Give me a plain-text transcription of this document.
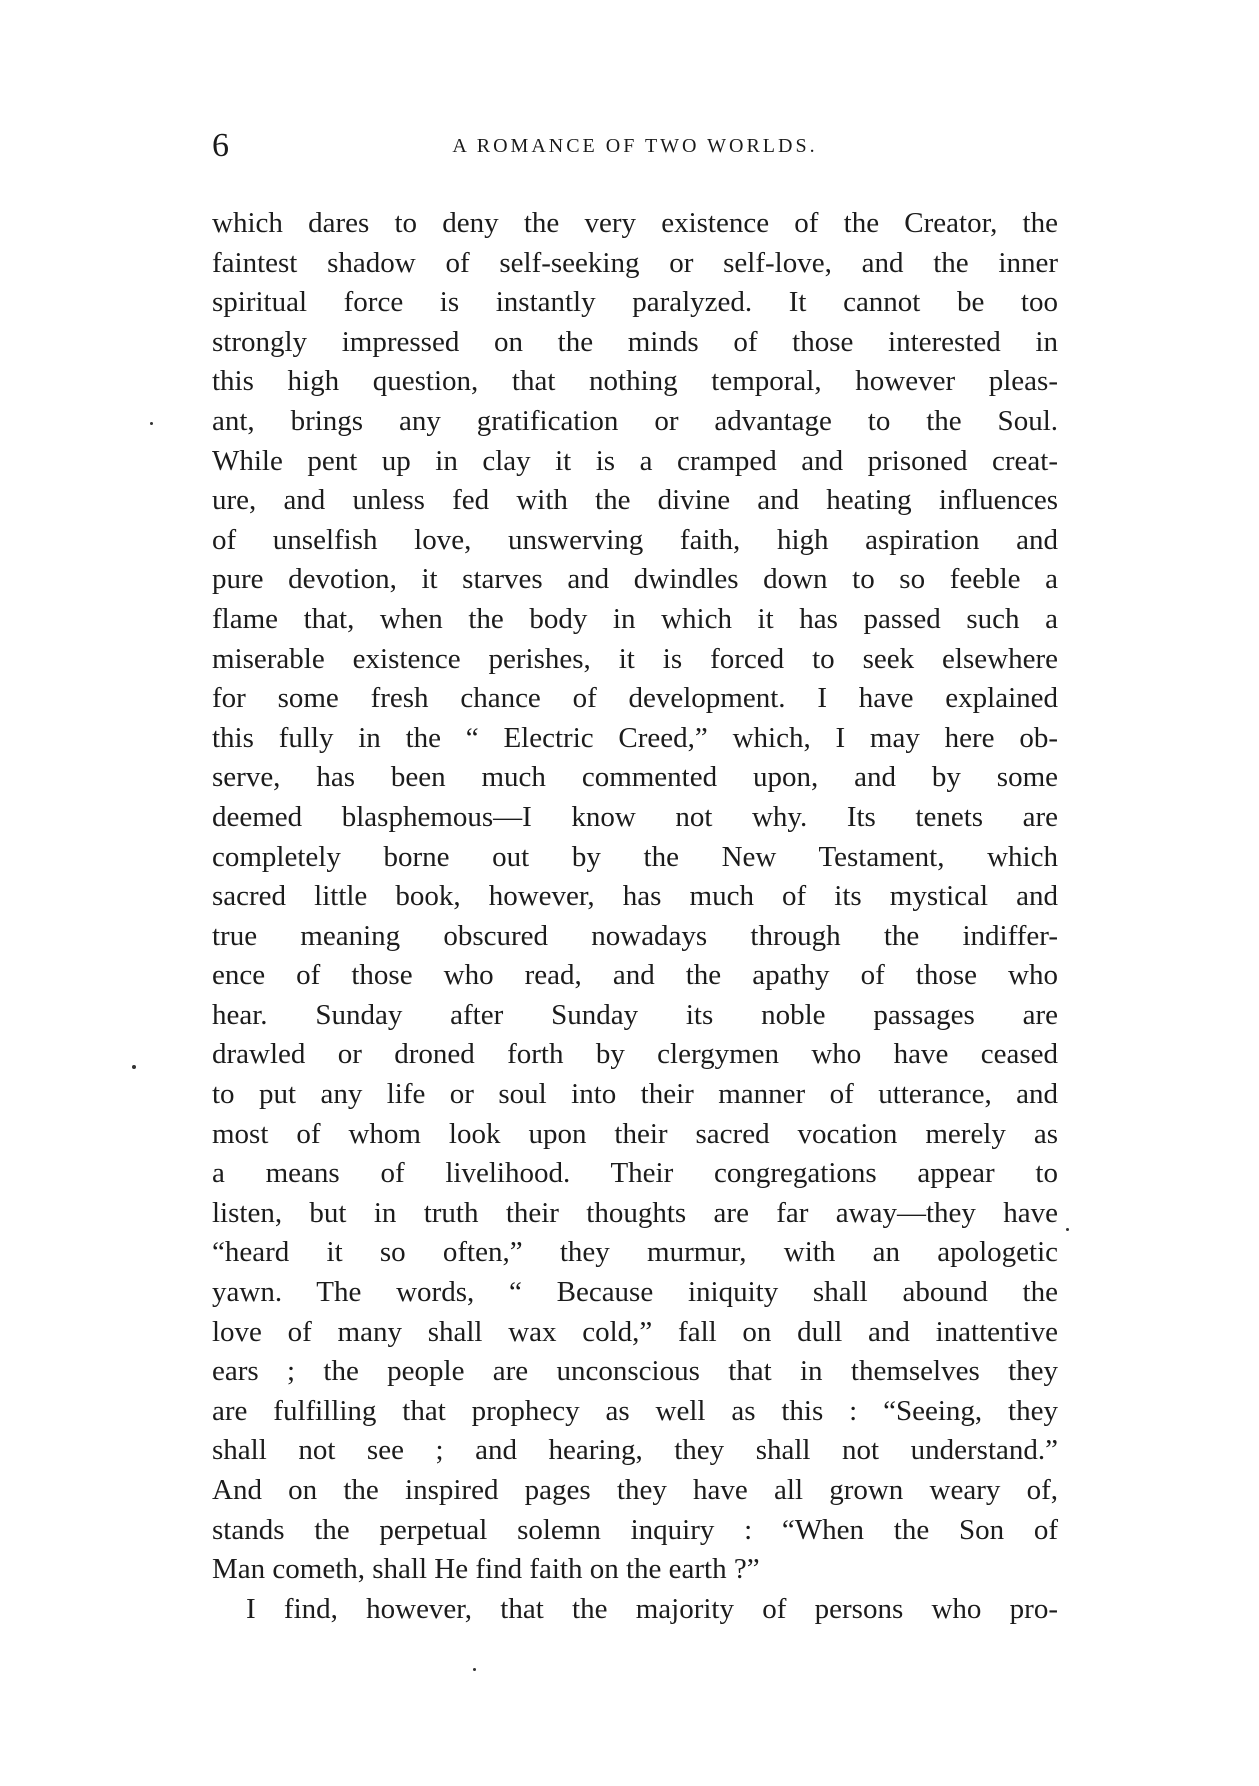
6	A ROMANCE OF TWO WORLDS.
which dares to deny the very existence of the Creator, the
faintest shadow of self-seeking or self-love, and the inner
spiritual force is instantly paralyzed. It cannot be too
strongly impressed on the minds of those interested in
this high question, that nothing temporal, however pleas-
ant, brings any gratification or advantage to the Soul.
While pent up in clay it is a cramped and prisoned creat-
ure, and unless fed with the divine and heating influences
of unselfish love, unswerving faith, high aspiration and
pure devotion, it starves and dwindles down to so feeble a
flame that, when the body in which it has passed such a
miserable existence perishes, it is forced to seek elsewhere
for some fresh chance of development. I have explained
this fully in the “ Electric Creed,” which, I may here ob-
serve, has been much commented upon, and by some
deemed blasphemous—I know not why. Its tenets are
completely borne out by the New Testament, which
sacred little book, however, has much of its mystical and
true meaning obscured nowadays through the indiffer-
ence of those who read, and the apathy of those who
hear. Sunday after Sunday its noble passages are
drawled or droned forth by clergymen who have ceased
to put any life or soul into their manner of utterance, and
most of whom look upon their sacred vocation merely as
a means of livelihood. Their congregations appear to
listen, but in truth their thoughts are far away—they have
“heard it so often,” they murmur, with an apologetic
yawn. The words, “ Because iniquity shall abound the
love of many shall wax cold,” fall on dull and inattentive
ears ; the people are unconscious that in themselves they
are fulfilling that prophecy as well as this : “Seeing, they
shall not see ; and hearing, they shall not understand.”
And on the inspired pages they have all grown weary of,
stands the perpetual solemn inquiry : “When the Son of
Man cometh, shall He find faith on the earth ?”
I find, however, that the majority of persons who pro-
